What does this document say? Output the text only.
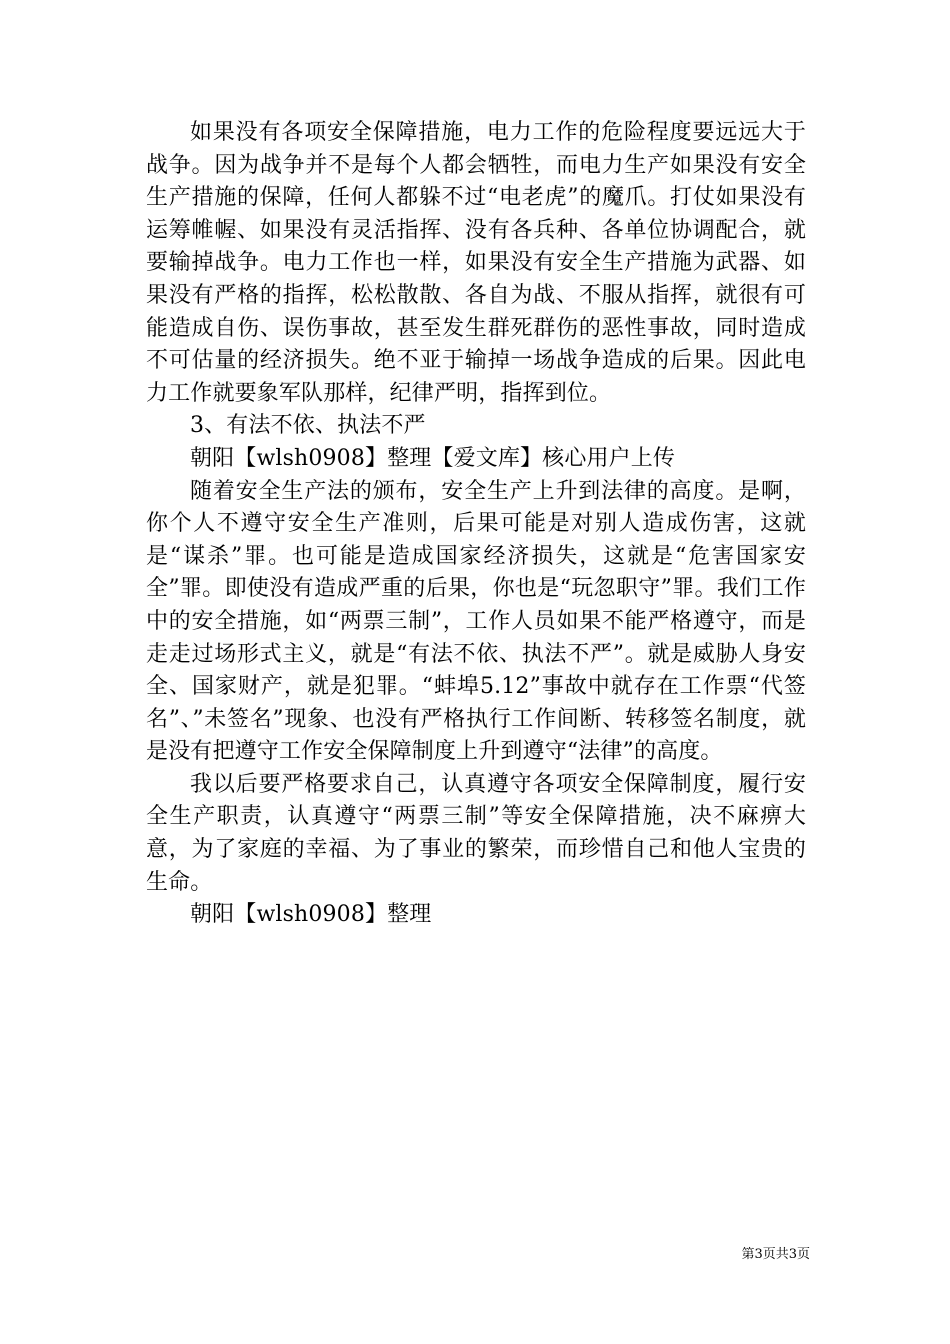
如果没有各项安全保障措施，电力工作的危险程度要远远大于战争。因为战争并不是每个人都会牺牲，而电力生产如果没有安全生产措施的保障，任何人都躲不过“电老虎”的魔爪。打仗如果没有运筹帷幄、如果没有灵活指挥、没有各兵种、各单位协调配合，就要输掉战争。电力工作也一样，如果没有安全生产措施为武器、如果没有严格的指挥，松松散散、各自为战、不服从指挥，就很有可能造成自伤、误伤事故，甚至发生群死群伤的恶性事故，同时造成不可估量的经济损失。绝不亚于输掉一场战争造成的后果。因此电力工作就要象军队那样，纪律严明，指挥到位。

3、有法不依、执法不严

朝阳【wlsh0908】整理【爱文库】核心用户上传

随着安全生产法的颁布，安全生产上升到法律的高度。是啊，你个人不遵守安全生产准则，后果可能是对别人造成伤害，这就是“谋杀”罪。也可能是造成国家经济损失，这就是“危害国家安全”罪。即使没有造成严重的后果，你也是“玩忽职守”罪。我们工作中的安全措施，如“两票三制”，工作人员如果不能严格遵守，而是走走过场形式主义，就是“有法不依、执法不严”。就是威胁人身安全、国家财产，就是犯罪。“蚌埠5.12”事故中就存在工作票“代签名”、”未签名”现象、也没有严格执行工作间断、转移签名制度，就是没有把遵守工作安全保障制度上升到遵守“法律”的高度。

我以后要严格要求自己，认真遵守各项安全保障制度，履行安全生产职责，认真遵守“两票三制”等安全保障措施，决不麻痹大意，为了家庭的幸福、为了事业的繁荣，而珍惜自己和他人宝贵的生命。

朝阳【wlsh0908】整理

第3页共3页
